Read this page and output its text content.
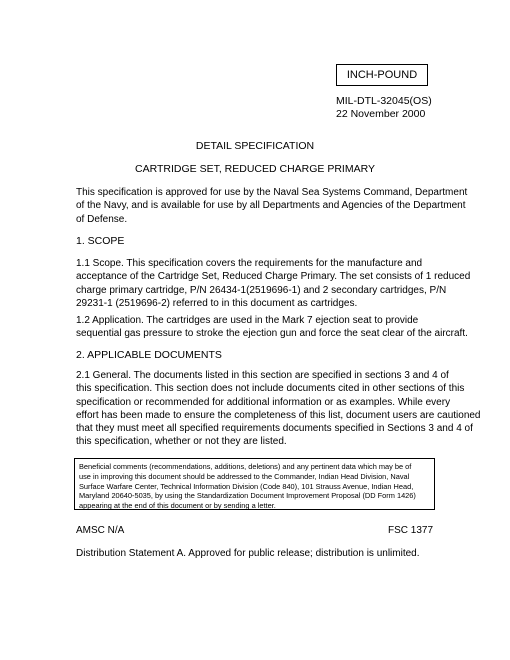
INCH-POUND
MIL-DTL-32045(OS)
22 November 2000
DETAIL SPECIFICATION
CARTRIDGE SET, REDUCED CHARGE PRIMARY
This specification is approved for use by the Naval Sea Systems Command, Department
of the Navy, and is available for use by all Departments and Agencies of the Department
of Defense.
1. SCOPE
1.1 Scope. This specification covers the requirements for the manufacture and
acceptance of the Cartridge Set, Reduced Charge Primary. The set consists of 1 reduced
charge primary cartridge, P/N 26434-1(2519696-1) and 2 secondary cartridges, P/N
29231-1 (2519696-2) referred to in this document as cartridges.
1.2 Application. The cartridges are used in the Mark 7 ejection seat to provide
sequential gas pressure to stroke the ejection gun and force the seat clear of the aircraft.
2. APPLICABLE DOCUMENTS
2.1 General. The documents listed in this section are specified in sections 3 and 4 of
this specification. This section does not include documents cited in other sections of this
specification or recommended for additional information or as examples. While every
effort has been made to ensure the completeness of this list, document users are cautioned
that they must meet all specified requirements documents specified in Sections 3 and 4 of
this specification, whether or not they are listed.
Beneficial comments (recommendations, additions, deletions) and any pertinent data which may be of
use in improving this document should be addressed to the Commander, Indian Head Division, Naval
Surface Warfare Center, Technical Information Division (Code 840), 101 Strauss Avenue, Indian Head,
Maryland 20640-5035, by using the Standardization Document Improvement Proposal (DD Form 1426)
appearing at the end of this document or by sending a letter.
AMSC N/A	FSC 1377
Distribution Statement A. Approved for public release; distribution is unlimited.
